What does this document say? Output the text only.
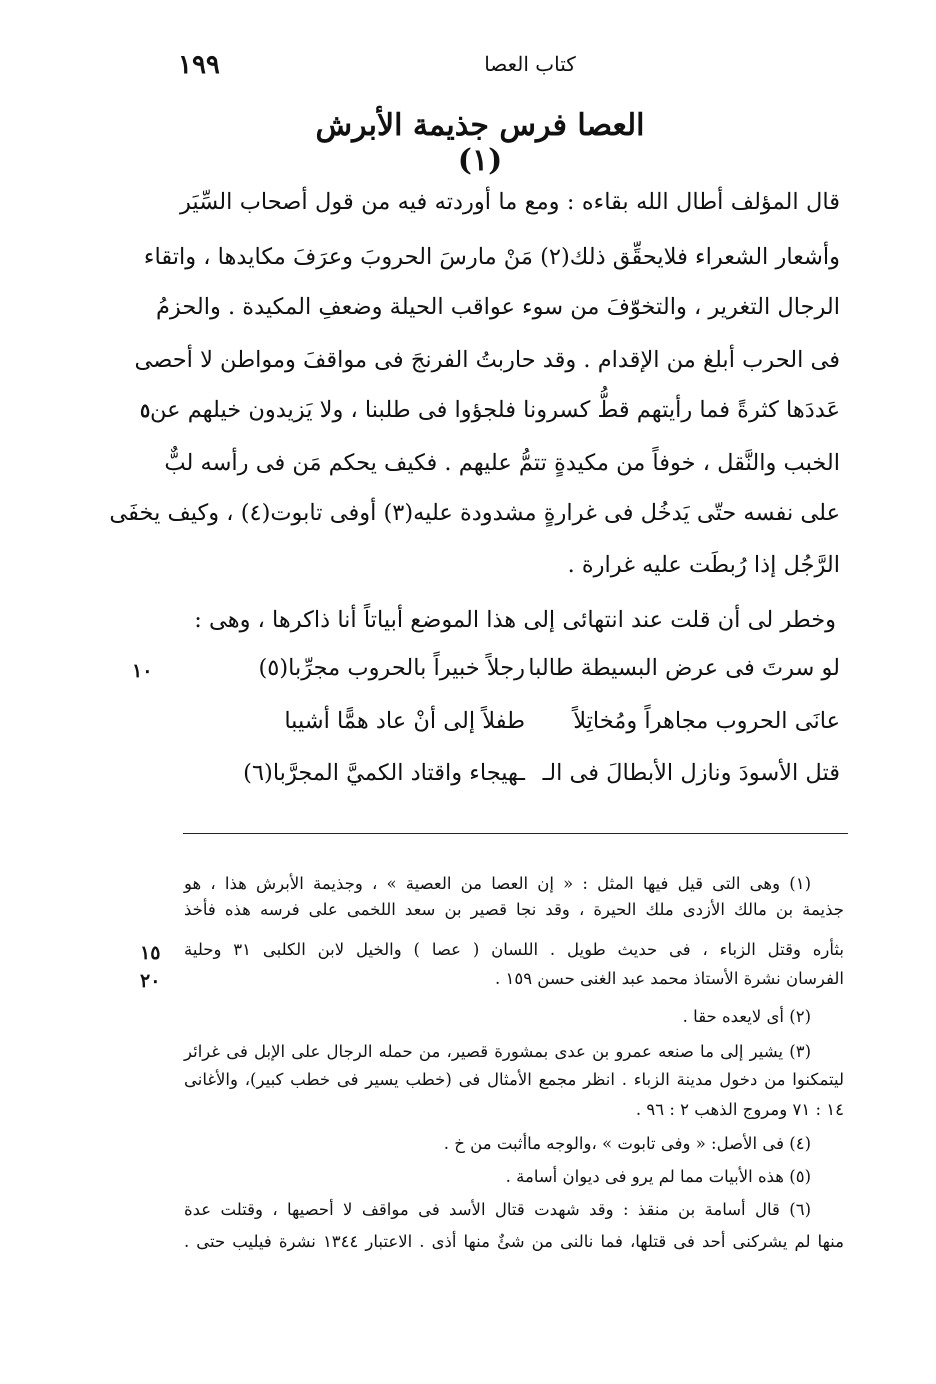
١٩٩	كتاب العصا
العصا فرس جذيمة الأبرش (١)
قال المؤلف أطال الله بقاءه : ومع ما أوردته فيه من قول أصحاب السِّيَر
وأشعار الشعراء فلايحقِّق ذلك(٢) مَنْ مارسَ الحروبَ وعرَفَ مكايدها ، واتقاء
الرجال التغرير ، والتخوّفَ من سوء عواقب الحيلة وضعفِ المكيدة . والحزمُ
فى الحرب أبلغ من الإقدام . وقد حاربتُ الفرنجَ فى مواقفَ ومواطن لا أحصى
عَددَها كثرةً فما رأيتهم قطُّ كسرونا فلجؤوا فى طلبنا ، ولا يَزيدون خيلهم عن
الخبب والنَّقل ، خوفاً من مكيدةٍ تتمُّ عليهم . فكيف يحكم مَن فى رأسه لبٌّ
على نفسه حتّى يَدخُل فى غرارةٍ مشدودة عليه(٣) أوفى تابوت(٤) ، وكيف يخفَى
الرَّجُل إذا رُبطَت عليه غرارة .
وخطر لى أن قلت عند انتهائى إلى هذا الموضع أبياتاً أنا ذاكرها ، وهى :
٥
لو سرتَ فى عرض البسيطة طالبا
رجلاً خبيراً بالحروب مجرِّبا(٥)
عانَى الحروب مجاهراً ومُخاتِلاً
طفلاً إلى أنْ عاد همًّا أشيبا
قتل الأسودَ ونازل الأبطالَ فى الـ
ـهيجاء واقتاد الكميَّ المجرَّبا(٦)
١٠
(١) وهى التى قيل فيها المثل : « إن العصا من العصية » ، وجذيمة الأبرش هذا ، هو
جذيمة بن مالك الأزدى ملك الحيرة ، وقد نجا قصير بن سعد اللخمى على فرسه هذه فأخذ
بثأره وقتل الزباء ، فى حديث طويل . اللسان ( عصا ) والخيل لابن الكلبى ٣١ وحلية
الفرسان نشرة الأستاذ محمد عبد الغنى حسن ١٥٩ .
(٢) أى لايعده حقا .
(٣) يشير إلى ما صنعه عمرو بن عدى بمشورة قصير، من حمله الرجال على الإبل فى غرائر
ليتمكنوا من دخول مدينة الزباء . انظر مجمع الأمثال فى (خطب يسير فى خطب كبير)، والأغانى
١٤ : ٧١ ومروج الذهب ٢ : ٩٦ .
(٤) فى الأصل: « وفى تابوت » ،والوجه ماأثبت من خ .
(٥) هذه الأبيات مما لم يرو فى ديوان أسامة .
(٦) قال أسامة بن منقذ : وقد شهدت قتال الأسد فى مواقف لا أحصيها ، وقتلت عدة
منها لم يشركنى أحد فى قتلها، فما نالنى من شئٌ منها أذى . الاعتبار ١٣٤٤ نشرة فيليب حتى .
١٥
٢٠
